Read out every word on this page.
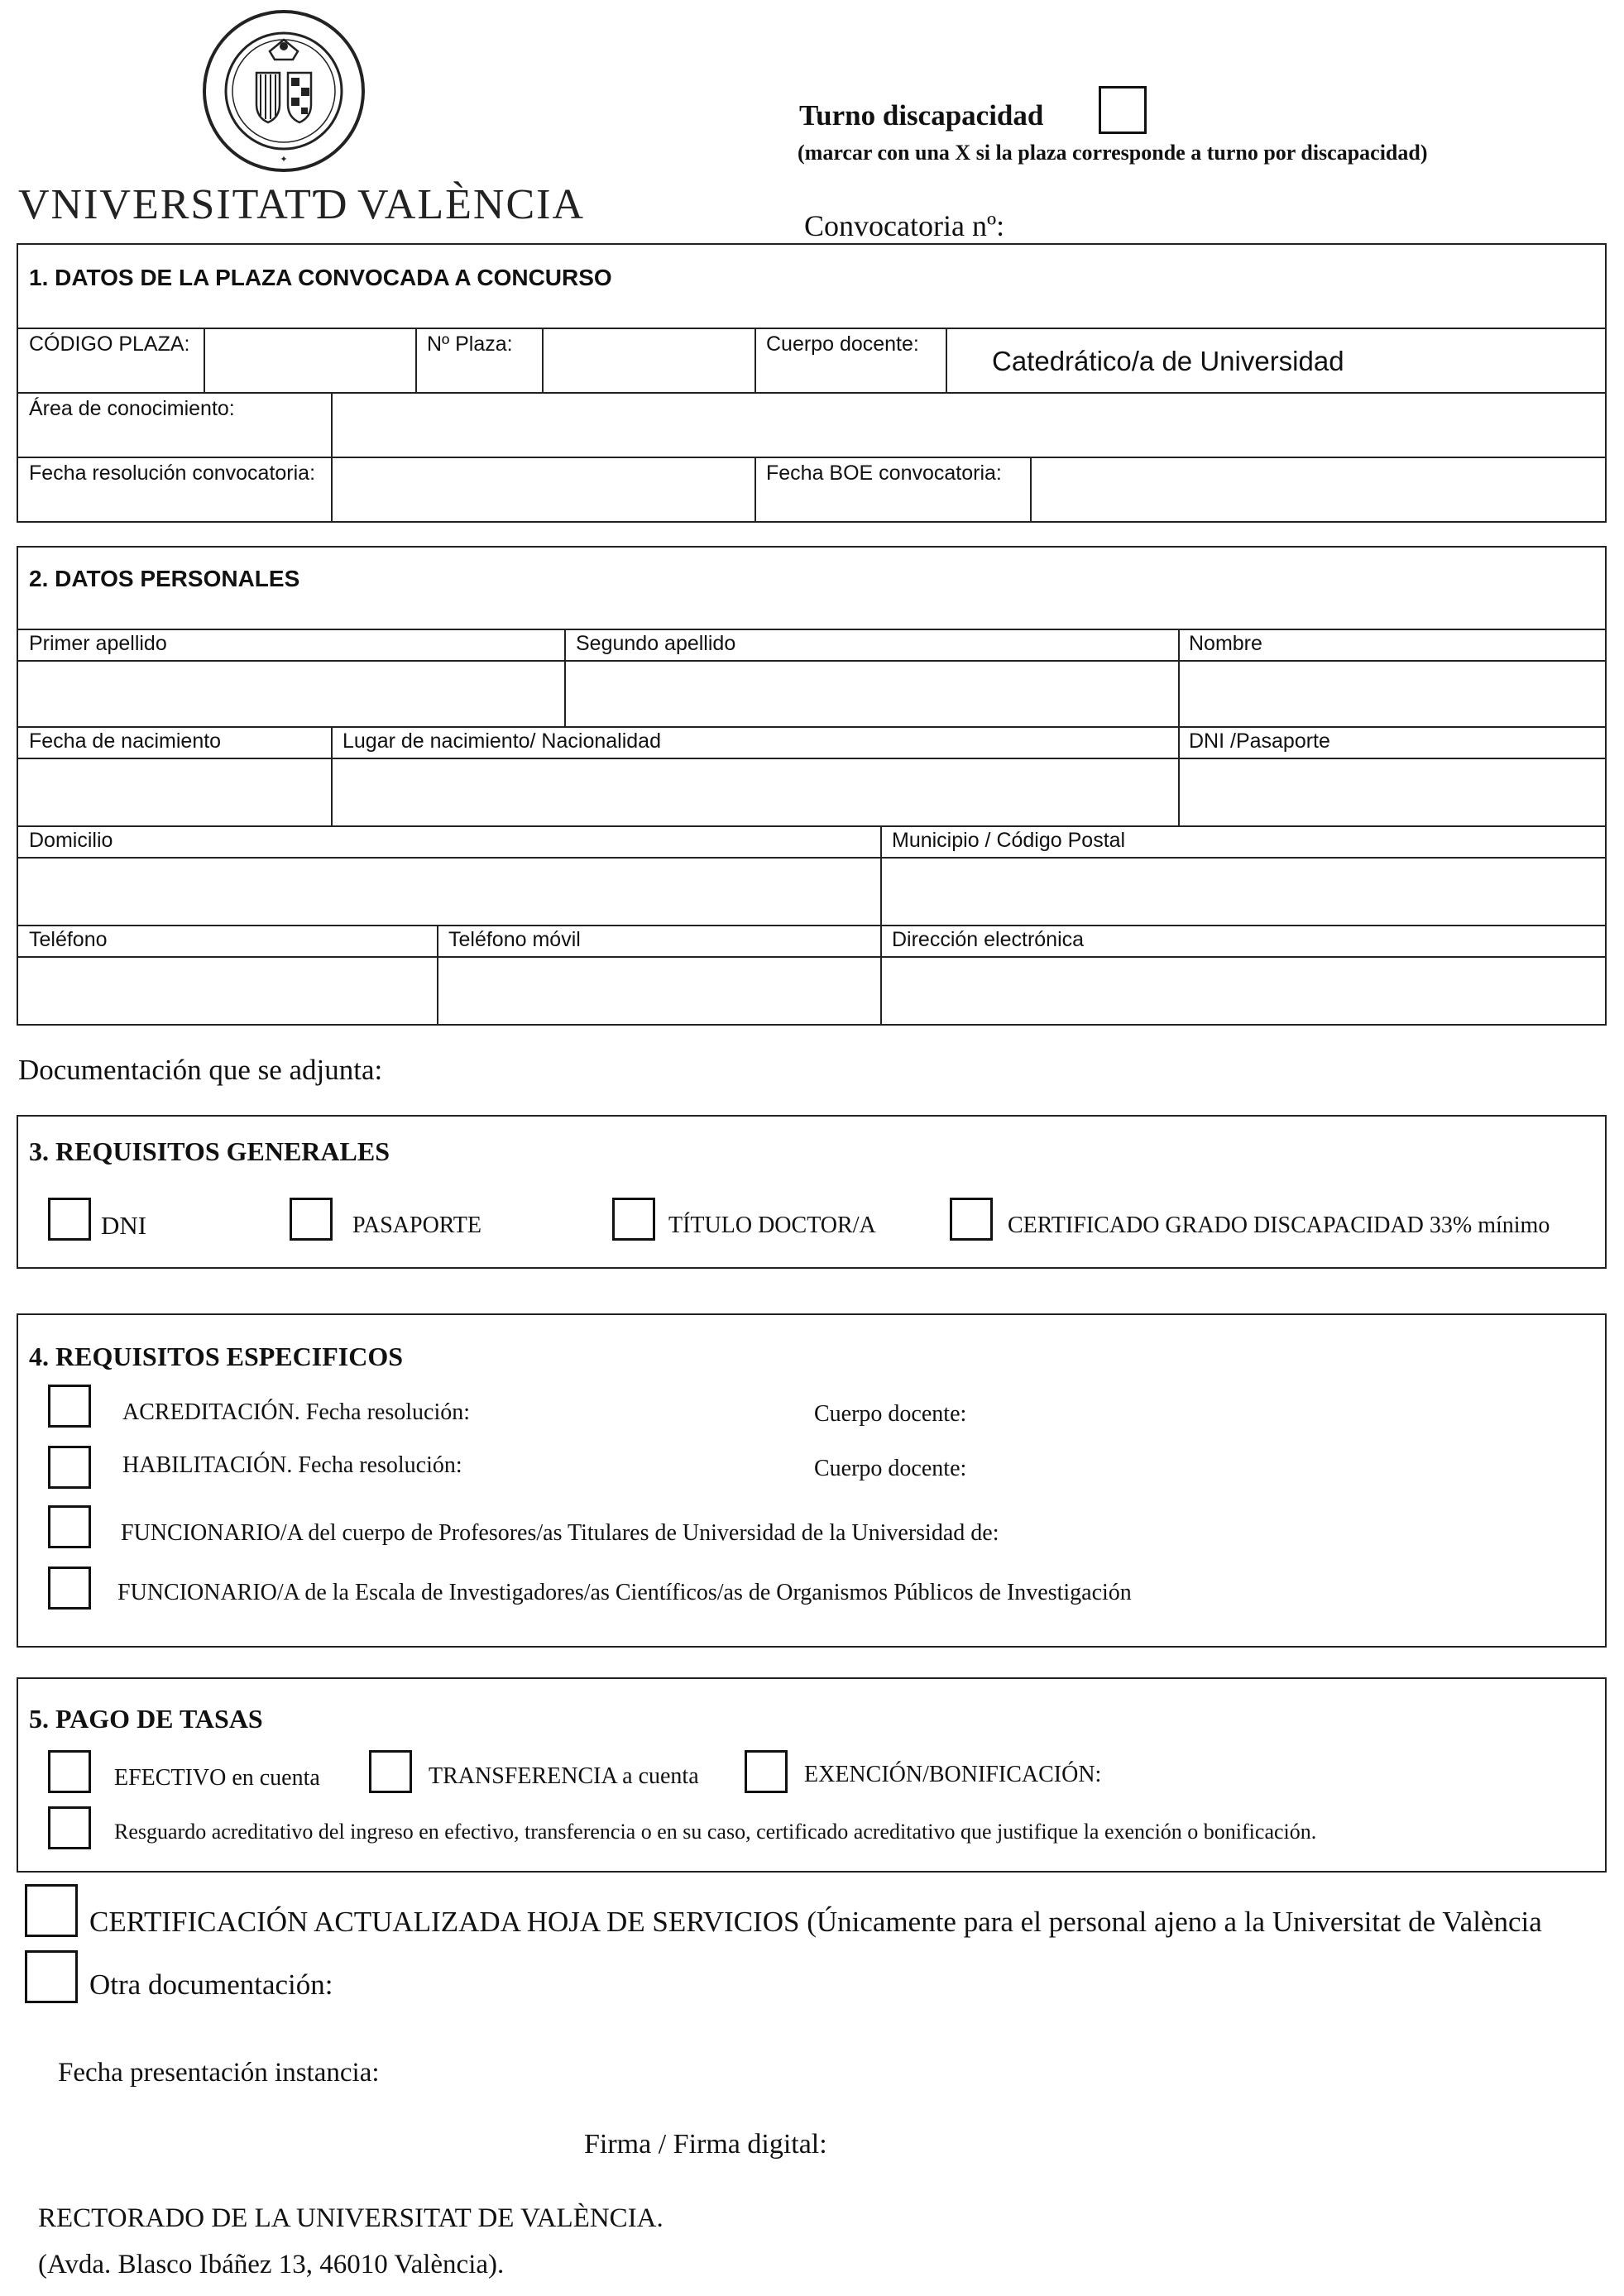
✦
VNIVERSITAT Ɗ VALÈNCIA
Turno discapacidad
(marcar con una X si la plaza corresponde a turno por discapacidad)
Convocatoria nº:
1. DATOS DE LA PLAZA CONVOCADA A CONCURSO
CÓDIGO PLAZA:	Nº Plaza:	Cuerpo docente:
Catedrático/a de Universidad
Área de conocimiento:
Fecha resolución convocatoria:	Fecha BOE convocatoria:
2. DATOS PERSONALES
Primer apellido	Segundo apellido	Nombre
Fecha de nacimiento	Lugar de nacimiento/ Nacionalidad	DNI /Pasaporte
Domicilio	Municipio / Código Postal
Teléfono	Teléfono móvil	Dirección electrónica
Documentación que se adjunta:
3. REQUISITOS GENERALES
DNI	PASAPORTE	TÍTULO DOCTOR/A	CERTIFICADO GRADO DISCAPACIDAD 33% mínimo
4. REQUISITOS ESPECIFICOS
ACREDITACIÓN. Fecha resolución:	Cuerpo docente:
HABILITACIÓN. Fecha resolución:	Cuerpo docente:
FUNCIONARIO/A del cuerpo de Profesores/as Titulares de Universidad de la Universidad de:
FUNCIONARIO/A de la Escala de Investigadores/as Científicos/as de Organismos Públicos de Investigación
5. PAGO DE TASAS
EFECTIVO en cuenta	TRANSFERENCIA a cuenta	EXENCIÓN/BONIFICACIÓN:
Resguardo acreditativo del ingreso en efectivo, transferencia o en su caso, certificado acreditativo que justifique la exención o bonificación.
CERTIFICACIÓN ACTUALIZADA HOJA DE SERVICIOS (Únicamente para el personal ajeno a la Universitat de València
Otra documentación:
Fecha presentación instancia:
Firma / Firma digital:
RECTORADO DE LA UNIVERSITAT DE VALÈNCIA.
(Avda. Blasco Ibáñez 13, 46010 València).
